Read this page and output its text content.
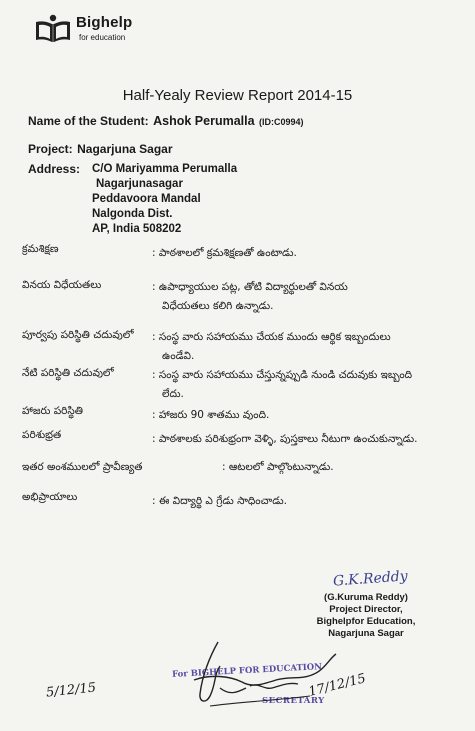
Bighelp
for education
Half-Yealy Review Report 2014-15
Name of the Student: Ashok Perumalla (ID:C0994)
Project: Nagarjuna Sagar
Address: C/O Mariyamma Perumalla
Nagarjunasagar
Peddavoora Mandal
Nalgonda Dist.
AP, India 508202
క్రమశిక్షణ	: పాఠశాలలో క్రమశిక్షణతో ఉంటాడు.
వినయ విధేయతలు	: ఉపాధ్యాయుల పట్ల, తోటి విద్యార్థులతో వినయ
విధేయతలు కలిగి ఉన్నాడు.
పూర్వపు పరిస్థితి చదువులో : సంస్థ వారు సహాయము చేయక ముందు ఆర్థిక ఇబ్బందులు
ఉండేవి.
నేటి పరిస్థితి చదువులో	: సంస్థ వారు సహాయము చేస్తున్నప్పుడి నుండి చదువుకు ఇబ్బంది
లేదు.
హాజరు పరిస్థితి	: హాజరు 90 శాతము వుంది.
పరిశుభ్రత	: పాఠశాలకు పరిశుభ్రంగా వెళ్ళి, పుస్తకాలు నీటుగా ఉంచుకున్నాడు.
ఇతర అంశములలో ప్రావీణ్యత	: ఆటలలో పాల్గొంటున్నాడు.
అభిప్రాయాలు	: ఈ విద్యార్థి ఎ గ్రేడు సాధించాడు.
G.K.Reddy
(G.Kuruma Reddy)
Project Director,
Bighelpfor Education,
Nagarjuna Sagar
For BIGHELP FOR EDUCATION
SECRETARY
17/12/15
5/12/15
